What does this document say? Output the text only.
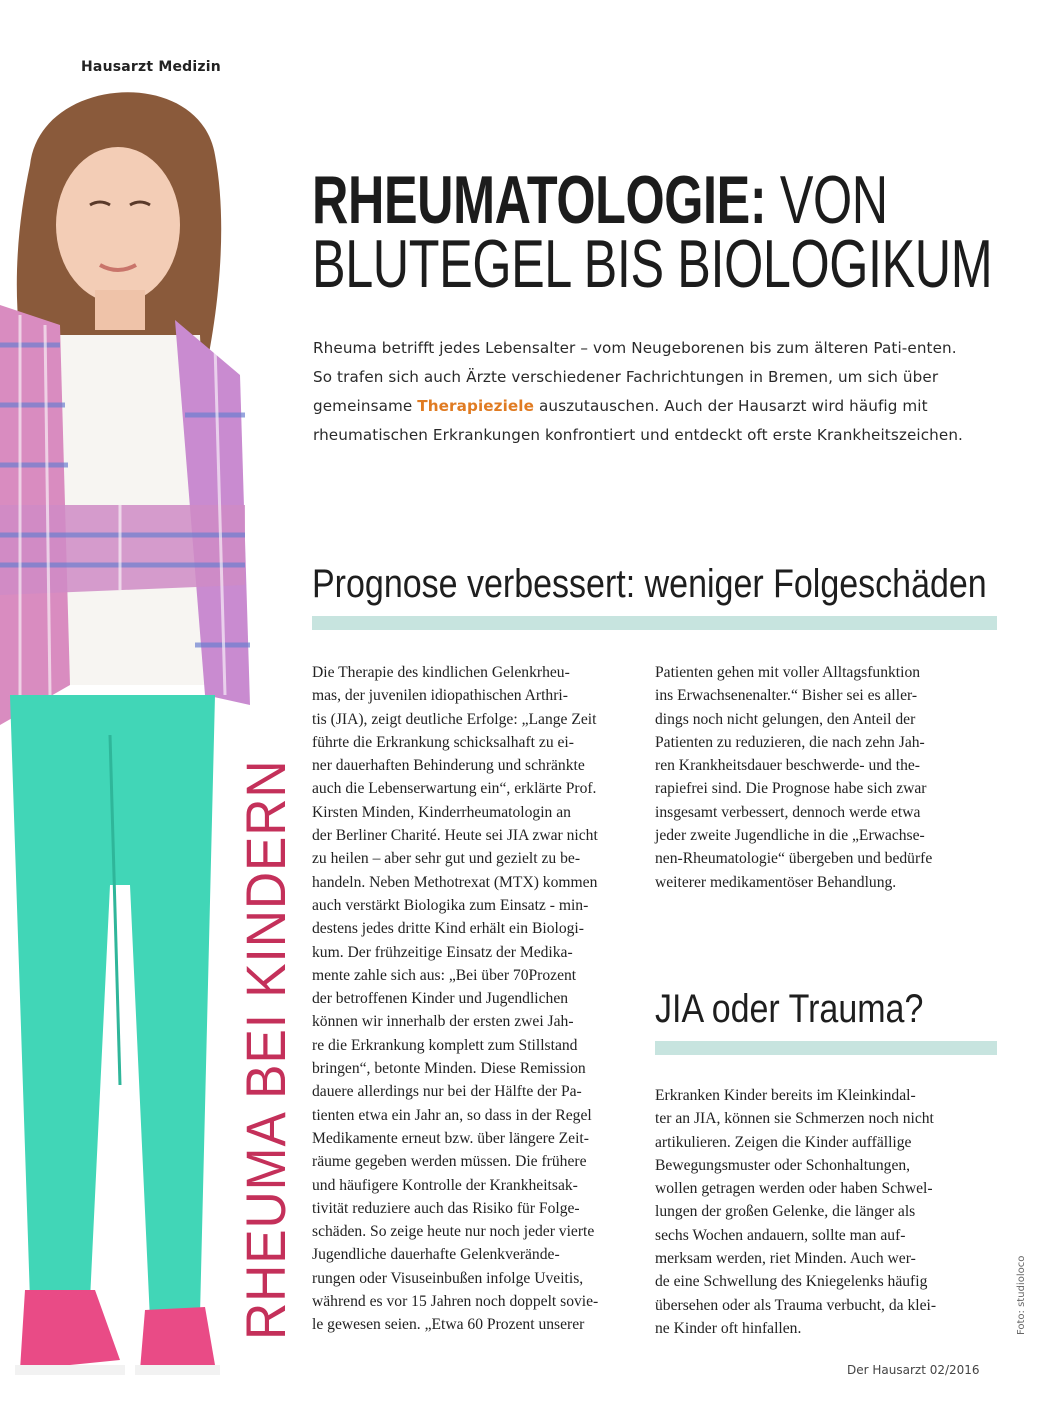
Hausarzt Medizin
RHEUMATOLOGIE: VON
BLUTEGEL BIS BIOLOGIKUM
Rheuma betrifft jedes Lebensalter – vom Neugeborenen bis zum älteren Pati-enten. So trafen sich auch Ärzte verschiedener Fachrichtungen in Bremen, um sich über gemeinsame Therapieziele auszutauschen. Auch der Hausarzt wird häufig mit rheumatischen Erkrankungen konfrontiert und entdeckt oft erste Krankheitszeichen.
RHEUMA BEI KINDERN
Prognose verbessert: weniger Folgeschäden
Die Therapie des kindlichen Gelenkrheu-
mas, der juvenilen idiopathischen Arthri-
tis (JIA), zeigt deutliche Erfolge: „Lange Zeit
führte die Erkrankung schicksalhaft zu ei-
ner dauerhaften Behinderung und schränkte
auch die Lebenserwartung ein“, erklärte Prof.
Kirsten Minden, Kinderrheumatologin an
der Berliner Charité. Heute sei JIA zwar nicht
zu heilen – aber sehr gut und gezielt zu be-
handeln. Neben Methotrexat (MTX) kommen
auch verstärkt Biologika zum Einsatz - min-
destens jedes dritte Kind erhält ein Biologi-
kum. Der frühzeitige Einsatz der Medika-
mente zahle sich aus: „Bei über 70Prozent
der betroffenen Kinder und Jugendlichen
können wir innerhalb der ersten zwei Jah-
re die Erkrankung komplett zum Stillstand
bringen“, betonte Minden. Diese Remission
dauere allerdings nur bei der Hälfte der Pa-
tienten etwa ein Jahr an, so dass in der Regel
Medikamente erneut bzw. über längere Zeit-
räume gegeben werden müssen. Die frühere
und häufigere Kontrolle der Krankheitsak-
tivität reduziere auch das Risiko für Folge-
schäden. So zeige heute nur noch jeder vierte
Jugendliche dauerhafte Gelenkverände-
rungen oder Visuseinbußen infolge Uveitis,
während es vor 15 Jahren noch doppelt sovie-
le gewesen seien. „Etwa 60 Prozent unserer
Patienten gehen mit voller Alltagsfunktion
ins Erwachsenenalter.“ Bisher sei es aller-
dings noch nicht gelungen, den Anteil der
Patienten zu reduzieren, die nach zehn Jah-
ren Krankheitsdauer beschwerde- und the-
rapiefrei sind. Die Prognose habe sich zwar
insgesamt verbessert, dennoch werde etwa
jeder zweite Jugendliche in die „Erwachse-
nen-Rheumatologie“ übergeben und bedürfe
weiterer medikamentöser Behandlung.
JIA oder Trauma?
Erkranken Kinder bereits im Kleinkindal-
ter an JIA, können sie Schmerzen noch nicht
artikulieren. Zeigen die Kinder auffällige
Bewegungsmuster oder Schonhaltungen,
wollen getragen werden oder haben Schwel-
lungen der großen Gelenke, die länger als
sechs Wochen andauern, sollte man auf-
merksam werden, riet Minden. Auch wer-
de eine Schwellung des Kniegelenks häufig
übersehen oder als Trauma verbucht, da klei-
ne Kinder oft hinfallen.	Foto: studioloco
Der Hausarzt 02/2016
